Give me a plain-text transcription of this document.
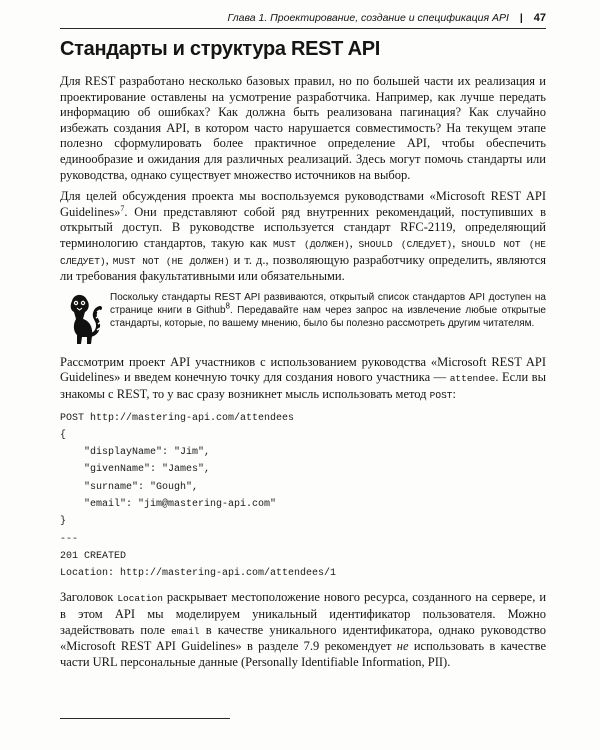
Глава 1. Проектирование, создание и спецификация API | 47
Стандарты и структура REST API

Для REST разработано несколько базовых правил, но по большей части их реализация и проектирование оставлены на усмотрение разработчика. Например, как лучше передать информацию об ошибках? Как должна быть реализована пагинация? Как случайно избежать создания API, в котором часто нарушается совместимость? На текущем этапе полезно сформулировать более практичное определение API, чтобы обеспечить единообразие и ожидания для различных реализаций. Здесь могут помочь стандарты или руководства, однако существует множество источников на выбор.

Для целей обсуждения проекта мы воспользуемся руководствами «Microsoft REST API Guidelines»$^7$. Они представляют собой ряд внутренних рекомендаций, поступивших в открытый доступ. В руководстве используется стандарт RFC-2119, определяющий терминологию стандартов, такую как MUST (ДОЛЖЕН), SHOULD (СЛЕДУЕТ), SHOULD NOT (НЕ СЛЕДУЕТ), MUST NOT (НЕ ДОЛЖЕН) и т. д., позволяющую разработчику определить, являются ли требования факультативными или обязательными.

Поскольку стандарты REST API развиваются, открытый список стандартов API доступен на странице книги в Github$^8$. Передавайте нам через запрос на извлечение любые открытые стандарты, которые, по вашему мнению, было бы полезно рассмотреть другим читателям.

Рассмотрим проект API участников с использованием руководства «Microsoft REST API Guidelines» и введем конечную точку для создания нового участника — attendee. Если вы знакомы с REST, то у вас сразу возникнет мысль использовать метод POST:

POST http://mastering-api.com/attendees
{
"displayName": "Jim",
"givenName": "James",
"surname": "Gough",
"email": "jim@mastering-api.com"
}
---
201 CREATED
Location: http://mastering-api.com/attendees/1

Заголовок Location раскрывает местоположение нового ресурса, созданного на сервере, и в этом API мы моделируем уникальный идентификатор пользователя. Можно задействовать поле email в качестве уникального идентификатора, однако руководство «Microsoft REST API Guidelines» в разделе 7.9 рекомендует не использовать в качестве части URL персональные данные (Personally Identifiable Information, PII).
